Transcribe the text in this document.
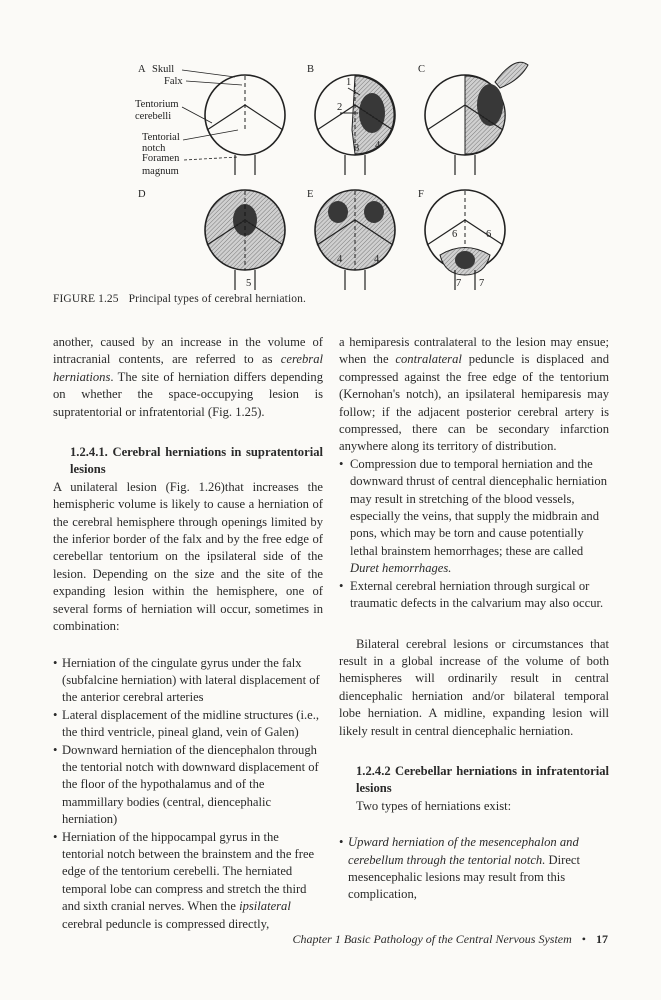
A	B	C
D	E	F
Skull
Falx
Tentorium
cerebelli
Tentorial
notch
Foramen
magnum
1
2
3 4
5
4	4
6	6
7 7
FIGURE 1.25 Principal types of cerebral herniation.

another, caused by an increase in the volume of intracranial contents, are referred to as cerebral herniations. The site of herniation differs depending on whether the space-occupying lesion is supratentorial or infratentorial (Fig. 1.25).

1.2.4.1. Cerebral herniations in supratentorial lesions A unilateral lesion (Fig. 1.26)that increases the hemispheric volume is likely to cause a herniation of the cerebral hemisphere through openings limited by the inferior border of the falx and by the free edge of cerebellar tentorium on the ipsilateral side of the lesion. Depending on the size and the site of the expanding lesion within the hemisphere, one of several forms of herniation will occur, sometimes in combination:

• Herniation of the cingulate gyrus under the falx (subfalcine herniation) with lateral displacement of the anterior cerebral arteries
• Lateral displacement of the midline structures (i.e., the third ventricle, pineal gland, vein of Galen)
• Downward herniation of the diencephalon through the tentorial notch with downward displacement of the floor of the hypothalamus and of the mammillary bodies (central, diencephalic herniation)
• Herniation of the hippocampal gyrus in the tentorial notch between the brainstem and the free edge of the tentorium cerebelli. The herniated temporal lobe can compress and stretch the third and sixth cranial nerves. When the ipsilateral cerebral peduncle is compressed directly,

a hemiparesis contralateral to the lesion may ensue; when the contralateral peduncle is displaced and compressed against the free edge of the tentorium (Kernohan's notch), an ipsilateral hemiparesis may follow; if the adjacent posterior cerebral artery is compressed, there can be secondary infarction anywhere along its territory of distribution.

• Compression due to temporal herniation and the downward thrust of central diencephalic herniation may result in stretching of the blood vessels, especially the veins, that supply the midbrain and pons, which may be torn and cause potentially lethal brainstem hemorrhages; these are called Duret hemorrhages.
• External cerebral herniation through surgical or traumatic defects in the calvarium may also occur.

Bilateral cerebral lesions or circumstances that result in a global increase of the volume of both hemispheres will ordinarily result in central diencephalic herniation and/or bilateral temporal lobe herniation. A midline, expanding lesion will likely result in central diencephalic herniation.

1.2.4.2 Cerebellar herniations in infratentorial lesions

Two types of herniations exist:

• Upward herniation of the mesencephalon and cerebellum through the tentorial notch. Direct mesencephalic lesions may result from this complication,
Chapter 1 Basic Pathology of the Central Nervous System • 17
